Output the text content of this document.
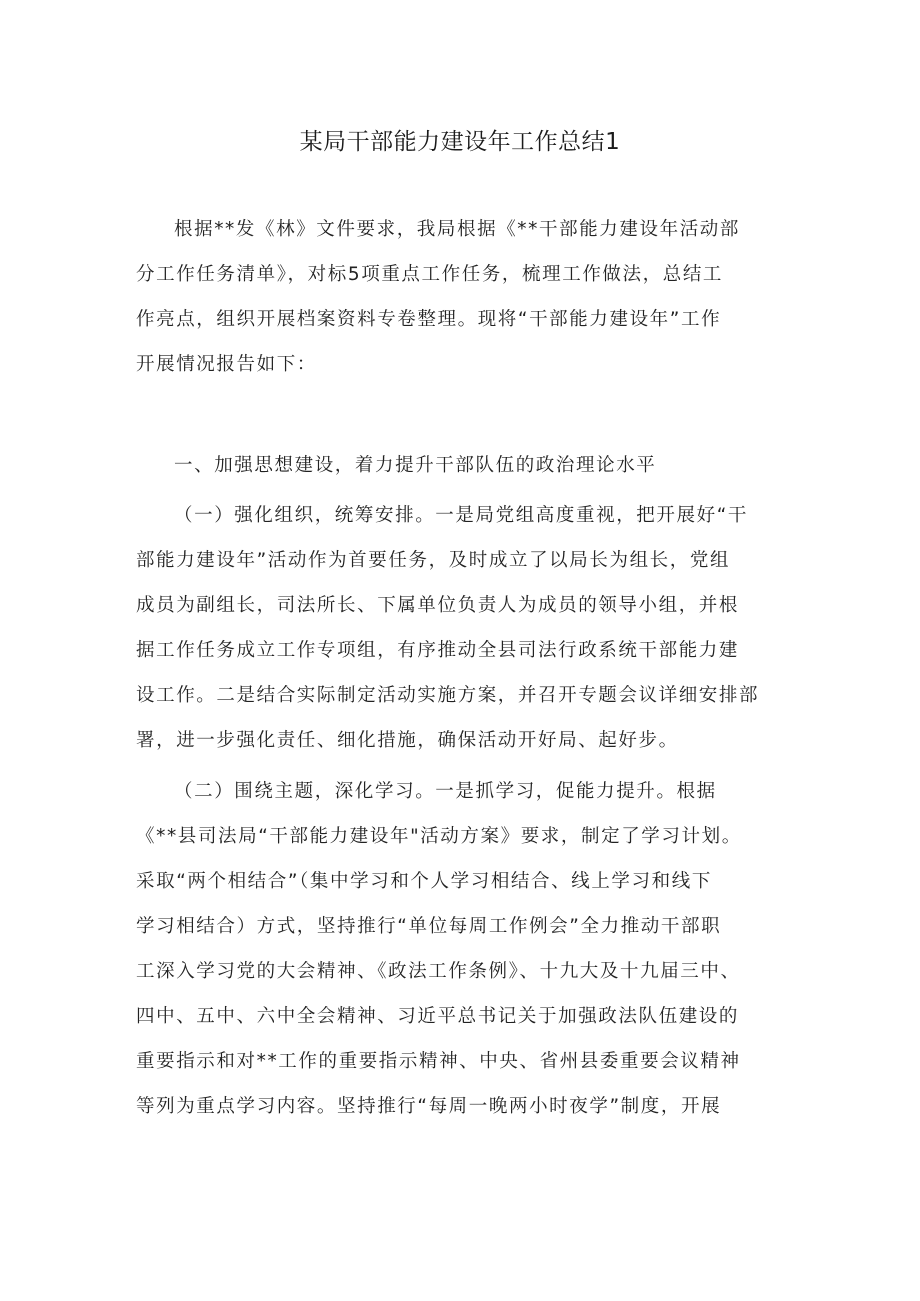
某局干部能力建设年工作总结1

根据**发《林》文件要求，我局根据《**干部能力建设年活动部
分工作任务清单》，对标5项重点工作任务，梳理工作做法，总结工
作亮点，组织开展档案资料专卷整理。现将“干部能力建设年”工作
开展情况报告如下：

一、加强思想建设，着力提升干部队伍的政治理论水平

（一）强化组织，统筹安排。一是局党组高度重视，把开展好“干
部能力建设年”活动作为首要任务，及时成立了以局长为组长，党组
成员为副组长，司法所长、下属单位负责人为成员的领导小组，并根
据工作任务成立工作专项组，有序推动全县司法行政系统干部能力建
设工作。二是结合实际制定活动实施方案，并召开专题会议详细安排部
署，进一步强化责任、细化措施，确保活动开好局、起好步。

（二）围绕主题，深化学习。一是抓学习，促能力提升。根据
《**县司法局“干部能力建设年"活动方案》要求，制定了学习计划。
采取“两个相结合”（集中学习和个人学习相结合、线上学习和线下
学习相结合）方式，坚持推行“单位每周工作例会”全力推动干部职
工深入学习党的大会精神、《政法工作条例》、十九大及十九届三中、
四中、五中、六中全会精神、习近平总书记关于加强政法队伍建设的
重要指示和对**工作的重要指示精神、中央、省州县委重要会议精神
等列为重点学习内容。坚持推行“每周一晚两小时夜学”制度，开展
